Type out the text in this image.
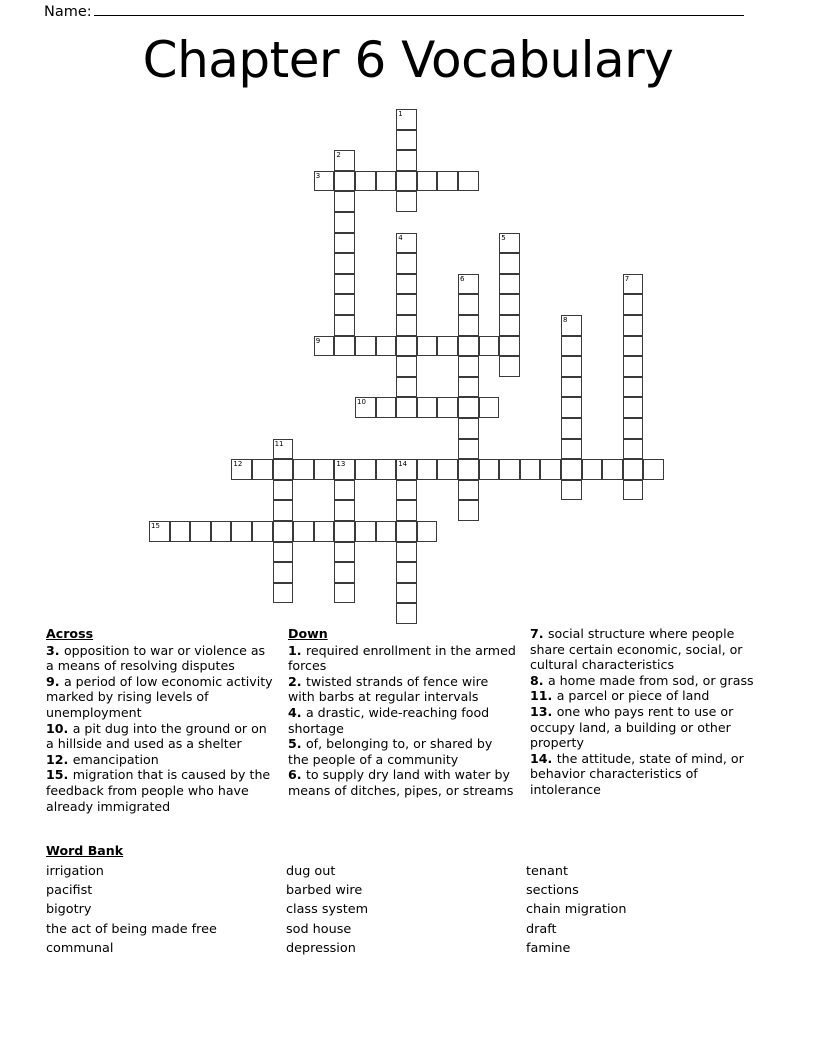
Name:
Chapter 6 Vocabulary
1
2
3
4	5
6	7
8
9
10
11
12	13	14
15
Across
3. opposition to war or violence as a means of resolving disputes
9. a period of low economic activity marked by rising levels of unemployment
10. a pit dug into the ground or on a hillside and used as a shelter
12. emancipation
15. migration that is caused by the feedback from people who have already immigrated
Down
1. required enrollment in the armed forces
2. twisted strands of fence wire with barbs at regular intervals
4. a drastic, wide-reaching food shortage
5. of, belonging to, or shared by the people of a community
6. to supply dry land with water by means of ditches, pipes, or streams
7. social structure where people share certain economic, social, or cultural characteristics
8. a home made from sod, or grass
11. a parcel or piece of land
13. one who pays rent to use or occupy land, a building or other property
14. the attitude, state of mind, or behavior characteristics of intolerance
Word Bank
irrigation
pacifist
bigotry
the act of being made free
communal
dug out
barbed wire
class system
sod house
depression
tenant
sections
chain migration
draft
famine
